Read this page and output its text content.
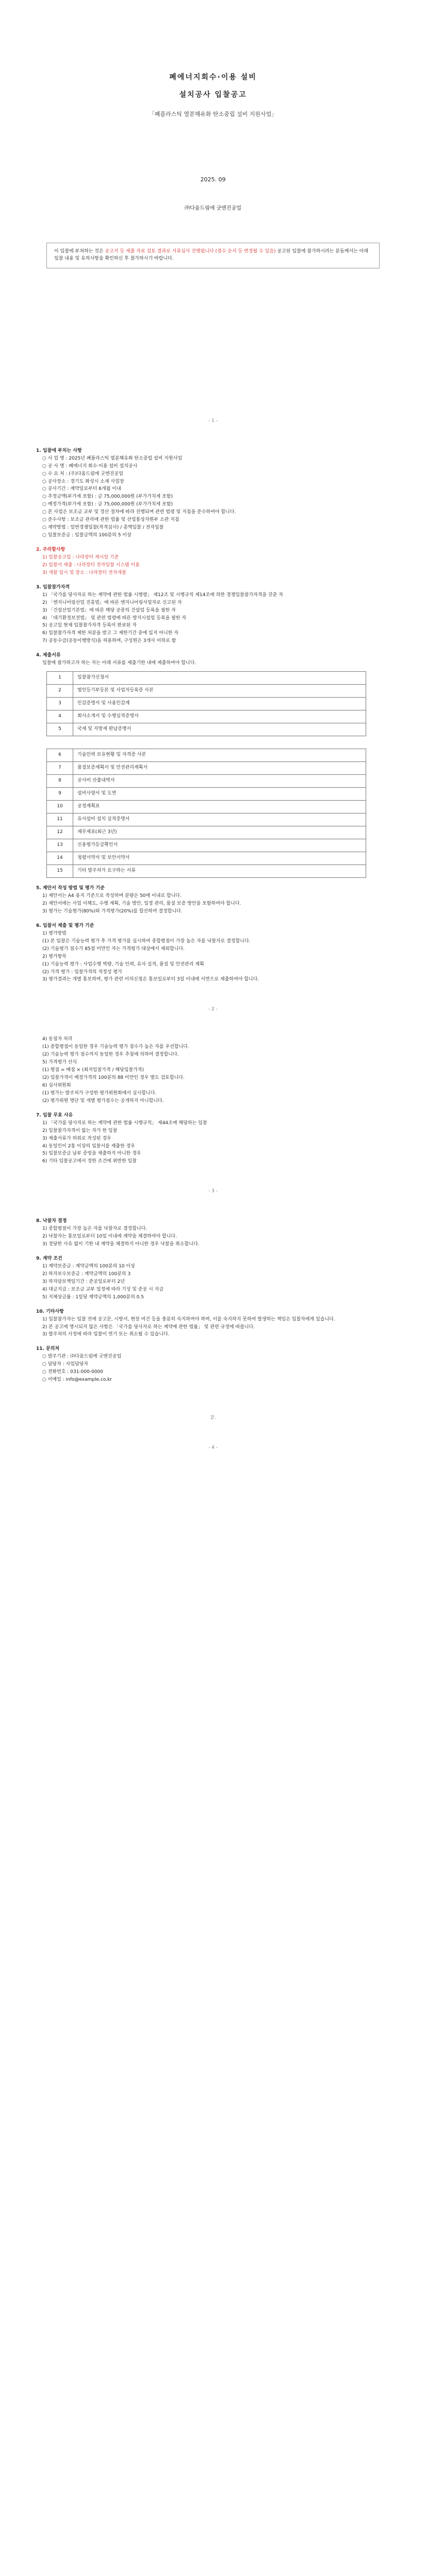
폐에너지회수·이용 설비
설치공사 입찰공고
「폐플라스틱 열분해유화 탄소중립 설비 지원사업」
2025. 09
㈜다움드림에 굿엔진공업
이 입찰에 부쳐하는 것은 공고서 등 제출 자료 검토 결과로 서류심사 진행됩니다 (접수 순서 등 변경될 수 있음) 공고된 입찰에 참가하시려는 분들께서는 아래 입찰 내용 및 유의사항을 확인하신 후 참가하시기 바랍니다.
- 1 -
1. 입찰에 부치는 사항
○ 사 업 명 : 2025년 폐플라스틱 열분해유화 탄소중립 설비 지원사업
○ 공 사 명 : 폐에너지 회수·이용 설비 설치공사
○ 수 요 처 : (주)다움드림에 굿엔진공업
○ 공사장소 : 경기도 화성시 소재 사업장
○ 공사기간 : 계약일로부터 6개월 이내
○ 추정금액(부가세 포함) : 금 75,000,000원 (부가가치세 포함)
○ 예정가격(부가세 포함) : 금 75,000,000원 (부가가치세 포함)
○ 본 사업은 보조금 교부 및 정산 절차에 따라 진행되며 관련 법령 및 지침을 준수하여야 합니다.
○ 준수사항 : 보조금 관리에 관한 법률 및 산업통상자원부 소관 지침
○ 계약방법 : 일반경쟁입찰(적격심사) / 총액입찰 / 전자입찰
○ 입찰보증금 : 입찰금액의 100분의 5 이상
2. 주의할사항
1) 입찰공고일 : 나라장터 게시일 기준
2) 입찰서 제출 : 나라장터 전자입찰 시스템 이용
3) 개찰 일시 및 장소 : 나라장터 전자개찰
3. 입찰참가자격
1) 「국가를 당사자로 하는 계약에 관한 법률 시행령」 제12조 및 시행규칙 제14조에 의한 경쟁입찰참가자격을 갖춘 자
2) 「엔지니어링산업 진흥법」에 따른 엔지니어링사업자로 신고된 자
3) 「건설산업기본법」에 따른 해당 공종의 건설업 등록을 필한 자
4) 「대기환경보전법」 및 관련 법령에 따른 방지시설업 등록을 필한 자
5) 공고일 현재 입찰참가자격 등록이 완료된 자
6) 입찰참가자격 제한 처분을 받고 그 제한기간 중에 있지 아니한 자
7) 공동수급(공동이행방식)을 허용하며, 구성원은 3개사 이하로 함
4. 제출서류
입찰에 참가하고자 하는 자는 아래 서류를 제출기한 내에 제출하여야 합니다.
1	입찰참가신청서
2	법인등기부등본 및 사업자등록증 사본
3	인감증명서 및 사용인감계
4	회사소개서 및 수행실적증명서
5	국세 및 지방세 완납증명서
6	기술인력 보유현황 및 자격증 사본
7	품질보증계획서 및 안전관리계획서
8	공사비 산출내역서
9	설비사양서 및 도면
10	공정계획표
11	유사설비 설치 실적증명서
12	재무제표(최근 3년)
13	신용평가등급확인서
14	청렴서약서 및 보안서약서
15	기타 발주처가 요구하는 서류
5. 제안서 작성 방법 및 평가 기준
1) 제안서는 A4 용지 기준으로 작성하며 분량은 50매 이내로 합니다.
2) 제안서에는 사업 이해도, 수행 계획, 기술 방안, 일정 관리, 품질 보증 방안을 포함하여야 합니다.
3) 평가는 기술평가(80%)와 가격평가(20%)를 합산하여 결정합니다.
6. 입찰서 제출 및 평가 기준
1) 평가방법
(1) 본 입찰은 기술능력 평가 후 가격 평가를 실시하여 종합평점이 가장 높은 자를 낙찰자로 결정합니다.
(2) 기술평가 점수가 85점 미만인 자는 가격평가 대상에서 제외합니다.
2) 평가항목
(1) 기술능력 평가 : 사업수행 역량, 기술 인력, 유사 실적, 품질 및 안전관리 계획
(2) 가격 평가 : 입찰가격의 적정성 평가
3) 평가결과는 개별 통보하며, 평가 관련 이의신청은 통보일로부터 3일 이내에 서면으로 제출하여야 합니다.
- 2 -
4) 동점자 처리
(1) 종합평점이 동일한 경우 기술능력 평가 점수가 높은 자를 우선합니다.
(2) 기술능력 평가 점수까지 동일한 경우 추첨에 의하여 결정합니다.
5) 가격평가 산식
(1) 평점 = 배점 × (최저입찰가격 / 해당입찰가격)
(2) 입찰가격이 예정가격의 100분의 88 미만인 경우 별도 검토합니다.
6) 심사위원회
(1) 평가는 발주처가 구성한 평가위원회에서 실시합니다.
(2) 평가위원 명단 및 개별 평가점수는 공개하지 아니합니다.
7. 입찰 무효 사유
1) 「국가를 당사자로 하는 계약에 관한 법률 시행규칙」 제44조에 해당하는 입찰
2) 입찰참가자격이 없는 자가 한 입찰
3) 제출서류가 허위로 작성된 경우
4) 동일인이 2통 이상의 입찰서를 제출한 경우
5) 입찰보증금 납부 증빙을 제출하지 아니한 경우
6) 기타 입찰공고에서 정한 조건에 위반한 입찰
- 3 -
8. 낙찰자 결정
1) 종합평점이 가장 높은 자를 낙찰자로 결정합니다.
2) 낙찰자는 통보일로부터 10일 이내에 계약을 체결하여야 합니다.
3) 정당한 사유 없이 기한 내 계약을 체결하지 아니한 경우 낙찰을 취소합니다.
9. 계약 조건
1) 계약보증금 : 계약금액의 100분의 10 이상
2) 하자보수보증금 : 계약금액의 100분의 3
3) 하자담보책임기간 : 준공일로부터 2년
4) 대금지급 : 보조금 교부 일정에 따라 기성 및 준공 시 지급
5) 지체상금률 : 1일당 계약금액의 1,000분의 0.5
10. 기타사항
1) 입찰참가자는 입찰 전에 공고문, 시방서, 현장 여건 등을 충분히 숙지하여야 하며, 이를 숙지하지 못하여 발생하는 책임은 입찰자에게 있습니다.
2) 본 공고에 명시되지 않은 사항은 「국가를 당사자로 하는 계약에 관한 법률」 및 관련 규정에 따릅니다.
3) 발주처의 사정에 따라 입찰이 연기 또는 취소될 수 있습니다.
11. 문의처
○ 발주기관 : ㈜다움드림에 굿엔진공업
○ 담당자 : 사업담당자
○ 전화번호 : 031-000-0000
○ 이메일 : info@example.co.kr
끝.
- 4 -
